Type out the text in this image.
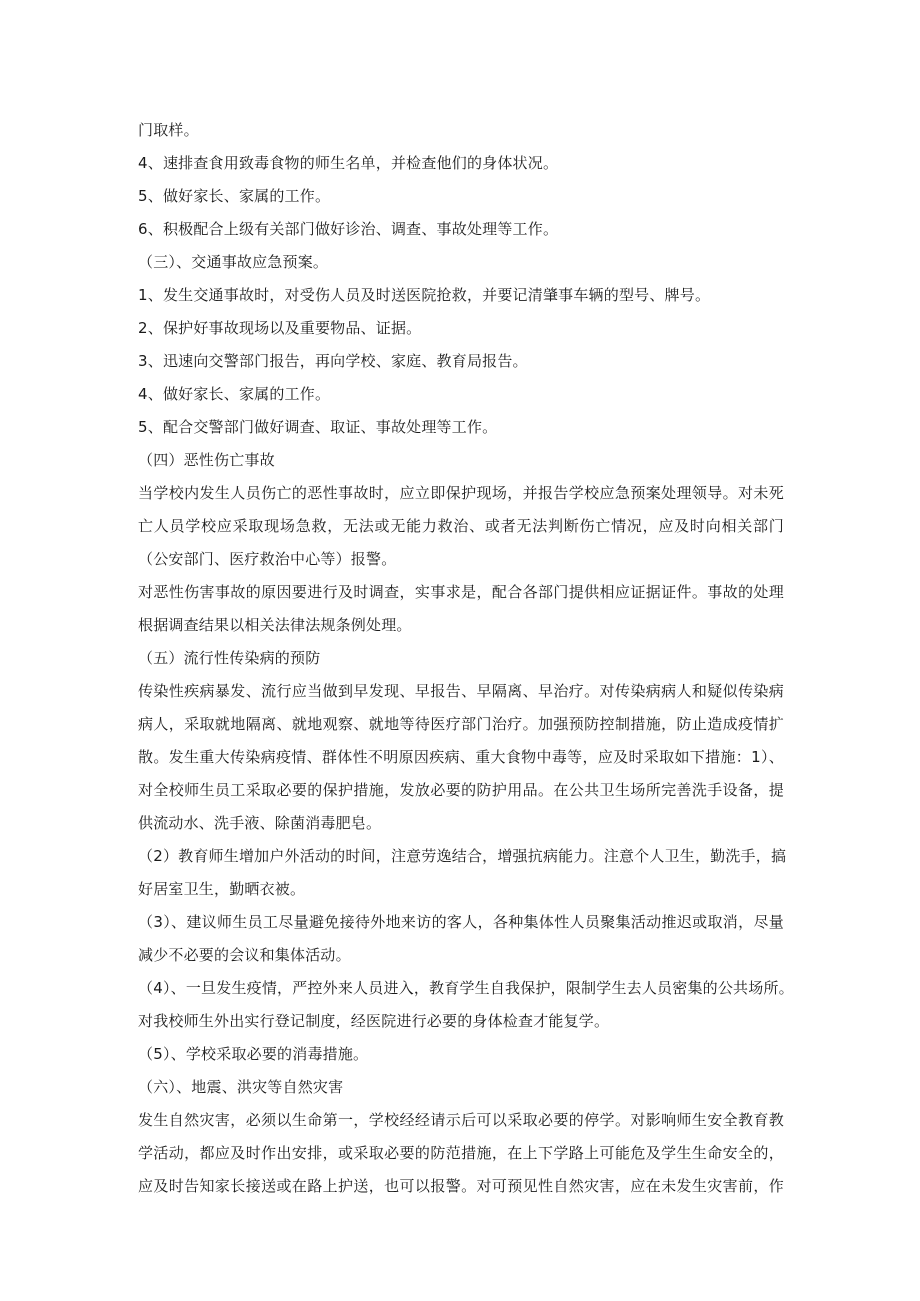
门取样。
4、速排查食用致毒食物的师生名单，并检查他们的身体状况。
5、做好家长、家属的工作。
6、积极配合上级有关部门做好诊治、调查、事故处理等工作。
（三）、交通事故应急预案。
1、发生交通事故时，对受伤人员及时送医院抢救，并要记清肇事车辆的型号、牌号。
2、保护好事故现场以及重要物品、证据。
3、迅速向交警部门报告，再向学校、家庭、教育局报告。
4、做好家长、家属的工作。
5、配合交警部门做好调查、取证、事故处理等工作。
（四）恶性伤亡事故
当学校内发生人员伤亡的恶性事故时，应立即保护现场，并报告学校应急预案处理领导。对未死
亡人员学校应采取现场急救，无法或无能力救治、或者无法判断伤亡情况，应及时向相关部门
（公安部门、医疗救治中心等）报警。
对恶性伤害事故的原因要进行及时调查，实事求是，配合各部门提供相应证据证件。事故的处理
根据调查结果以相关法律法规条例处理。
（五）流行性传染病的预防
传染性疾病暴发、流行应当做到早发现、早报告、早隔离、早治疗。对传染病病人和疑似传染病
病人，采取就地隔离、就地观察、就地等待医疗部门治疗。加强预防控制措施，防止造成疫情扩
散。发生重大传染病疫情、群体性不明原因疾病、重大食物中毒等，应及时采取如下措施：1）、
对全校师生员工采取必要的保护措施，发放必要的防护用品。在公共卫生场所完善洗手设备，提
供流动水、洗手液、除菌消毒肥皂。
（2）教育师生增加户外活动的时间，注意劳逸结合，增强抗病能力。注意个人卫生，勤洗手，搞
好居室卫生，勤晒衣被。
（3）、建议师生员工尽量避免接待外地来访的客人，各种集体性人员聚集活动推迟或取消，尽量
减少不必要的会议和集体活动。
（4）、一旦发生疫情，严控外来人员进入，教育学生自我保护，限制学生去人员密集的公共场所。
对我校师生外出实行登记制度，经医院进行必要的身体检查才能复学。
（5）、学校采取必要的消毒措施。
（六）、地震、洪灾等自然灾害
发生自然灾害，必须以生命第一，学校经经请示后可以采取必要的停学。对影响师生安全教育教
学活动，都应及时作出安排，或采取必要的防范措施，在上下学路上可能危及学生生命安全的，
应及时告知家长接送或在路上护送，也可以报警。对可预见性自然灾害，应在未发生灾害前，作
